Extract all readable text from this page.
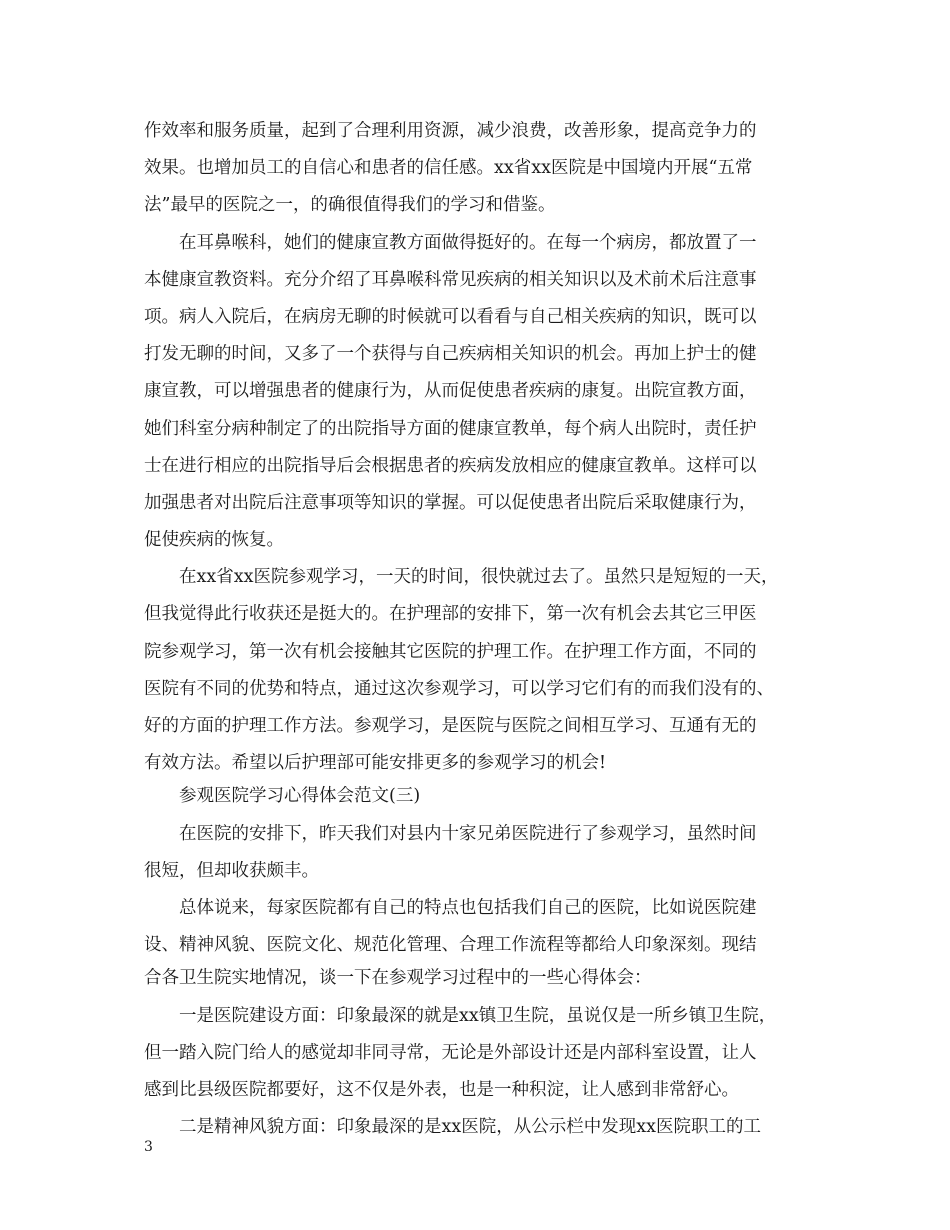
作效率和服务质量，起到了合理利用资源，减少浪费，改善形象，提高竞争力的
效果。也增加员工的自信心和患者的信任感。xx省xx医院是中国境内开展“五常
法”最早的医院之一，的确很值得我们的学习和借鉴。
在耳鼻喉科，她们的健康宣教方面做得挺好的。在每一个病房，都放置了一
本健康宣教资料。充分介绍了耳鼻喉科常见疾病的相关知识以及术前术后注意事
项。病人入院后，在病房无聊的时候就可以看看与自己相关疾病的知识，既可以
打发无聊的时间，又多了一个获得与自己疾病相关知识的机会。再加上护士的健
康宣教，可以增强患者的健康行为，从而促使患者疾病的康复。出院宣教方面，
她们科室分病种制定了的出院指导方面的健康宣教单，每个病人出院时，责任护
士在进行相应的出院指导后会根据患者的疾病发放相应的健康宣教单。这样可以
加强患者对出院后注意事项等知识的掌握。可以促使患者出院后采取健康行为，
促使疾病的恢复。
在xx省xx医院参观学习，一天的时间，很快就过去了。虽然只是短短的一天，
但我觉得此行收获还是挺大的。在护理部的安排下，第一次有机会去其它三甲医
院参观学习，第一次有机会接触其它医院的护理工作。在护理工作方面，不同的
医院有不同的优势和特点，通过这次参观学习，可以学习它们有的而我们没有的、
好的方面的护理工作方法。参观学习，是医院与医院之间相互学习、互通有无的
有效方法。希望以后护理部可能安排更多的参观学习的机会!
参观医院学习心得体会范文(三)
在医院的安排下，昨天我们对县内十家兄弟医院进行了参观学习，虽然时间
很短，但却收获颇丰。
总体说来，每家医院都有自己的特点也包括我们自己的医院，比如说医院建
设、精神风貌、医院文化、规范化管理、合理工作流程等都给人印象深刻。现结
合各卫生院实地情况，谈一下在参观学习过程中的一些心得体会：
一是医院建设方面：印象最深的就是xx镇卫生院，虽说仅是一所乡镇卫生院，
但一踏入院门给人的感觉却非同寻常，无论是外部设计还是内部科室设置，让人
感到比县级医院都要好，这不仅是外表，也是一种积淀，让人感到非常舒心。
二是精神风貌方面：印象最深的是xx医院，从公示栏中发现xx医院职工的工
3
